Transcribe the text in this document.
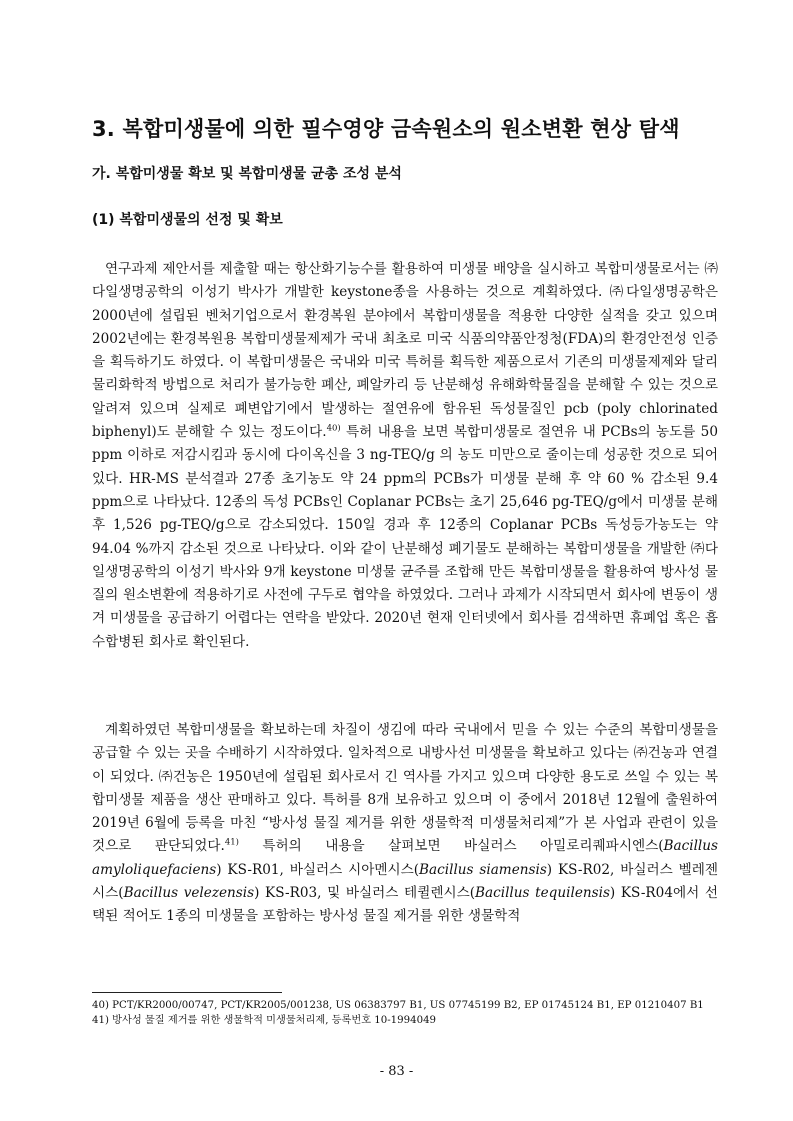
3. 복합미생물에 의한 필수영양 금속원소의 원소변환 현상 탐색
가. 복합미생물 확보 및 복합미생물 균총 조성 분석
(1) 복합미생물의 선정 및 확보

연구과제 제안서를 제출할 때는 항산화기능수를 활용하여 미생물 배양을 실시하고 복합미생물로서는 ㈜다일생명공학의 이성기 박사가 개발한 keystone종을 사용하는 것으로 계획하였다. ㈜다일생명공학은 2000년에 설립된 벤처기업으로서 환경복원 분야에서 복합미생물을 적용한 다양한 실적을 갖고 있으며 2002년에는 환경복원용 복합미생물제제가 국내 최초로 미국 식품의약품안정청(FDA)의 환경안전성 인증을 획득하기도 하였다. 이 복합미생물은 국내와 미국 특허를 획득한 제품으로서 기존의 미생물제제와 달리 물리화학적 방법으로 처리가 불가능한 폐산, 폐알카리 등 난분해성 유해화학물질을 분해할 수 있는 것으로 알려져 있으며 실제로 폐변압기에서 발생하는 절연유에 함유된 독성물질인 pcb (poly chlorinated biphenyl)도 분해할 수 있는 정도이다.$^{40)}$ 특허 내용을 보면 복합미생물로 절연유 내 PCBs의 농도를 50 ppm 이하로 저감시킴과 동시에 다이옥신을 3 ng-TEQ/g 의 농도 미만으로 줄이는데 성공한 것으로 되어 있다. HR-MS 분석결과 27종 초기농도 약 24 ppm의 PCBs가 미생물 분해 후 약 60 % 감소된 9.4 ppm으로 나타났다. 12종의 독성 PCBs인 Coplanar PCBs는 초기 25,646 pg-TEQ/g에서 미생물 분해 후 1,526 pg-TEQ/g으로 감소되었다. 150일 경과 후 12종의 Coplanar PCBs 독성등가농도는 약 94.04 %까지 감소된 것으로 나타났다. 이와 같이 난분해성 폐기물도 분해하는 복합미생물을 개발한 ㈜다일생명공학의 이성기 박사와 9개 keystone 미생물 균주를 조합해 만든 복합미생물을 활용하여 방사성 물질의 원소변환에 적용하기로 사전에 구두로 협약을 하였었다. 그러나 과제가 시작되면서 회사에 변동이 생겨 미생물을 공급하기 어렵다는 연락을 받았다. 2020년 현재 인터넷에서 회사를 검색하면 휴폐업 혹은 흡수합병된 회사로 확인된다.

계획하였던 복합미생물을 확보하는데 차질이 생김에 따라 국내에서 믿을 수 있는 수준의 복합미생물을 공급할 수 있는 곳을 수배하기 시작하였다. 일차적으로 내방사선 미생물을 확보하고 있다는 ㈜건농과 연결이 되었다. ㈜건농은 1950년에 설립된 회사로서 긴 역사를 가지고 있으며 다양한 용도로 쓰일 수 있는 복합미생물 제품을 생산 판매하고 있다. 특허를 8개 보유하고 있으며 이 중에서 2018년 12월에 출원하여 2019년 6월에 등록을 마친 “방사성 물질 제거를 위한 생물학적 미생물처리제”가 본 사업과 관련이 있을 것으로 판단되었다.$^{41)}$ 특허의 내용을 살펴보면 바실러스 아밀로리퀘파시엔스(Bacillus amyloliquefaciens) KS-R01, 바실러스 시아멘시스(Bacillus siamensis) KS-R02, 바실러스 벨레젠시스(Bacillus velezensis) KS-R03, 및 바실러스 테퀼렌시스(Bacillus tequilensis) KS-R04에서 선택된 적어도 1종의 미생물을 포함하는 방사성 물질 제거를 위한 생물학적

40) PCT/KR2000/00747, PCT/KR2005/001238, US 06383797 B1, US 07745199 B2, EP 01745124 B1, EP 01210407 B1

41) 방사성 물질 제거를 위한 생물학적 미생물처리제, 등록번호 10-1994049

- 83 -
